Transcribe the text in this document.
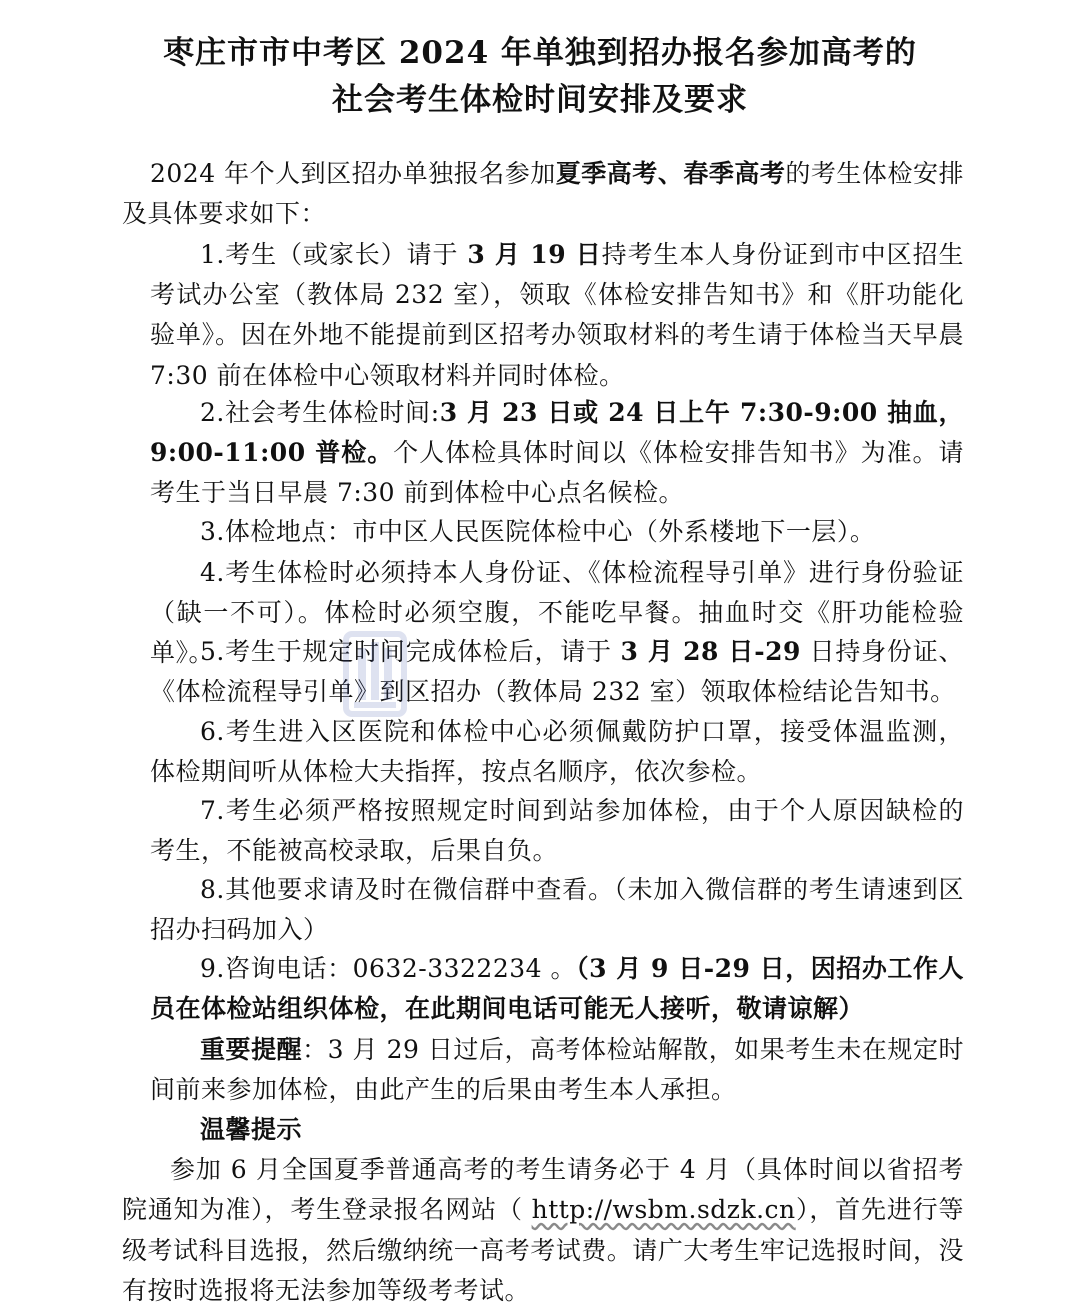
枣庄市市中考区 2024 年单独到招办报名参加高考的
社会考生体检时间安排及要求
2024 年个人到区招办单独报名参加夏季高考、春季高考的考生体检安排及具体要求如下：
1.考生（或家长）请于 3 月 19 日持考生本人身份证到市中区招生考试办公室（教体局 232 室），领取《体检安排告知书》和《肝功能化验单》。因在外地不能提前到区招考办领取材料的考生请于体检当天早晨 7:30 前在体检中心领取材料并同时体检。
2.社会考生体检时间:3 月 23 日或 24 日上午 7:30-9:00 抽血，9:00-11:00 普检。个人体检具体时间以《体检安排告知书》为准。请考生于当日早晨 7:30 前到体检中心点名候检。
3.体检地点：市中区人民医院体检中心（外系楼地下一层）。
4.考生体检时必须持本人身份证、《体检流程导引单》进行身份验证（缺一不可）。体检时必须空腹，不能吃早餐。抽血时交《肝功能检验单》。
5.考生于规定时间完成体检后，请于 3 月 28 日-29 日持身份证、《体检流程导引单》到区招办（教体局 232 室）领取体检结论告知书。
6.考生进入区医院和体检中心必须佩戴防护口罩，接受体温监测，体检期间听从体检大夫指挥，按点名顺序，依次参检。
7.考生必须严格按照规定时间到站参加体检，由于个人原因缺检的考生，不能被高校录取，后果自负。
8.其他要求请及时在微信群中查看。（未加入微信群的考生请速到区招办扫码加入）
9.咨询电话：0632-3322234 。（3 月 9 日-29 日，因招办工作人员在体检站组织体检，在此期间电话可能无人接听，敬请谅解）
重要提醒：3 月 29 日过后，高考体检站解散，如果考生未在规定时间前来参加体检，由此产生的后果由考生本人承担。
温馨提示
参加 6 月全国夏季普通高考的考生请务必于 4 月（具体时间以省招考院通知为准），考生登录报名网站（ http://wsbm.sdzk.cn），首先进行等级考试科目选报，然后缴纳统一高考考试费。请广大考生牢记选报时间，没有按时选报将无法参加等级考考试。
